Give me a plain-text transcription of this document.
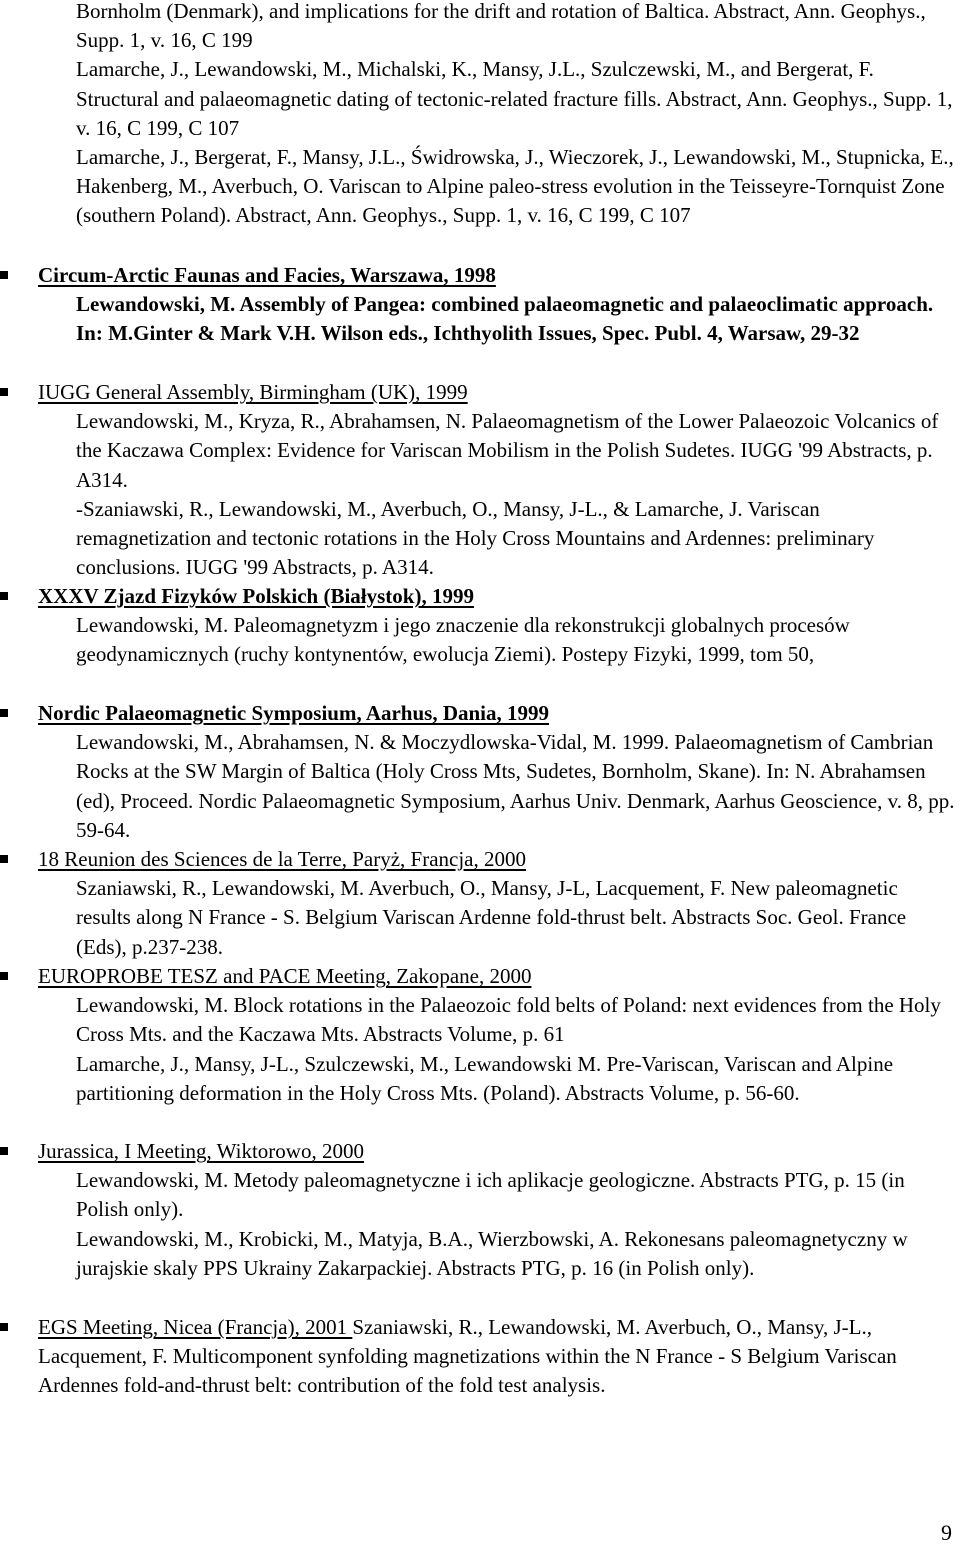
Bornholm (Denmark), and implications for the drift and rotation of Baltica. Abstract, Ann. Geophys., Supp. 1, v. 16, C 199

Lamarche, J., Lewandowski, M., Michalski, K., Mansy, J.L., Szulczewski, M., and Bergerat, F. Structural and palaeomagnetic dating of tectonic-related fracture fills. Abstract, Ann. Geophys., Supp. 1, v. 16, C 199, C 107

Lamarche, J., Bergerat, F., Mansy, J.L., Świdrowska, J., Wieczorek, J., Lewandowski, M., Stupnicka, E., Hakenberg, M., Averbuch, O. Variscan to Alpine paleo-stress evolution in the Teisseyre-Tornquist Zone (southern Poland). Abstract, Ann. Geophys., Supp. 1, v. 16, C 199, C 107

Circum-Arctic Faunas and Facies, Warszawa, 1998

Lewandowski, M. Assembly of Pangea: combined palaeomagnetic and palaeoclimatic approach. In: M.Ginter & Mark V.H. Wilson eds., Ichthyolith Issues, Spec. Publ. 4, Warsaw, 29-32

IUGG General Assembly, Birmingham (UK), 1999

Lewandowski, M., Kryza, R., Abrahamsen, N. Palaeomagnetism of the Lower Palaeozoic Volcanics of the Kaczawa Complex: Evidence for Variscan Mobilism in the Polish Sudetes. IUGG '99 Abstracts, p. A314.

-Szaniawski, R., Lewandowski, M., Averbuch, O., Mansy, J-L., & Lamarche, J. Variscan remagnetization and tectonic rotations in the Holy Cross Mountains and Ardennes: preliminary conclusions. IUGG '99 Abstracts, p. A314.

XXXV Zjazd Fizyków Polskich (Białystok), 1999

Lewandowski, M. Paleomagnetyzm i jego znaczenie dla rekonstrukcji globalnych procesów geodynamicznych (ruchy kontynentów, ewolucja Ziemi). Postepy Fizyki, 1999, tom 50,

Nordic Palaeomagnetic Symposium, Aarhus, Dania, 1999

Lewandowski, M., Abrahamsen, N. & Moczydlowska-Vidal, M. 1999. Palaeomagnetism of Cambrian Rocks at the SW Margin of Baltica (Holy Cross Mts, Sudetes, Bornholm, Skane). In: N. Abrahamsen (ed), Proceed. Nordic Palaeomagnetic Symposium, Aarhus Univ. Denmark, Aarhus Geoscience, v. 8, pp. 59-64.

18 Reunion des Sciences de la Terre, Paryż, Francja, 2000

Szaniawski, R., Lewandowski, M. Averbuch, O., Mansy, J-L, Lacquement, F. New paleomagnetic results along N France - S. Belgium Variscan Ardenne fold-thrust belt. Abstracts Soc. Geol. France (Eds), p.237-238.

EUROPROBE TESZ and PACE Meeting, Zakopane, 2000

Lewandowski, M. Block rotations in the Palaeozoic fold belts of Poland: next evidences from the Holy Cross Mts. and the Kaczawa Mts. Abstracts Volume, p. 61

Lamarche, J., Mansy, J-L., Szulczewski, M., Lewandowski M. Pre-Variscan, Variscan and Alpine partitioning deformation in the Holy Cross Mts. (Poland). Abstracts Volume, p. 56-60.

Jurassica, I Meeting, Wiktorowo, 2000

Lewandowski, M. Metody paleomagnetyczne i ich aplikacje geologiczne. Abstracts PTG, p. 15 (in Polish only).

Lewandowski, M., Krobicki, M., Matyja, B.A., Wierzbowski, A. Rekonesans paleomagnetyczny w jurajskie skaly PPS Ukrainy Zakarpackiej. Abstracts PTG, p. 16 (in Polish only).

EGS Meeting, Nicea (Francja), 2001 Szaniawski, R., Lewandowski, M. Averbuch, O., Mansy, J-L., Lacquement, F. Multicomponent synfolding magnetizations within the N France - S Belgium Variscan Ardennes fold-and-thrust belt: contribution of the fold test analysis.

9
